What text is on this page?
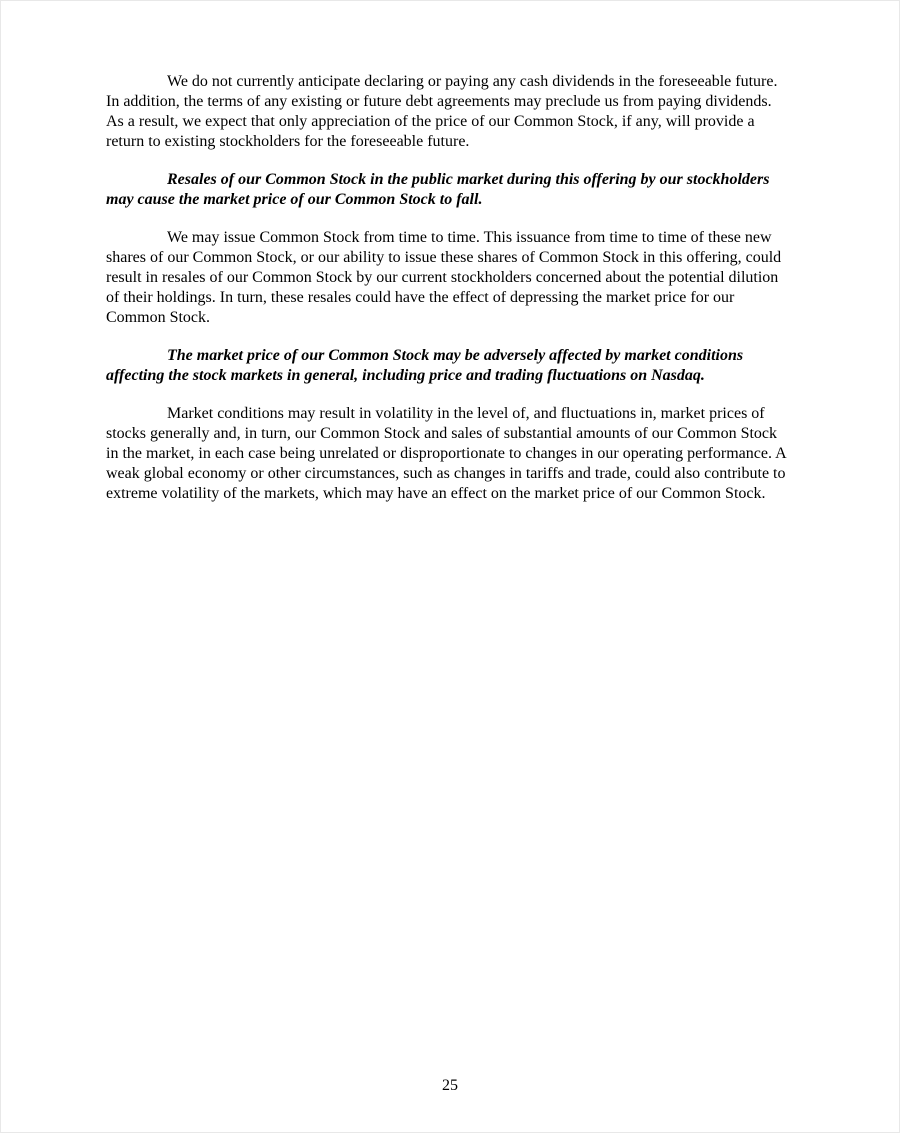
We do not currently anticipate declaring or paying any cash dividends in the foreseeable future. In addition, the terms of any existing or future debt agreements may preclude us from paying dividends. As a result, we expect that only appreciation of the price of our Common Stock, if any, will provide a return to existing stockholders for the foreseeable future.

Resales of our Common Stock in the public market during this offering by our stockholders may cause the market price of our Common Stock to fall.

We may issue Common Stock from time to time. This issuance from time to time of these new shares of our Common Stock, or our ability to issue these shares of Common Stock in this offering, could result in resales of our Common Stock by our current stockholders concerned about the potential dilution of their holdings. In turn, these resales could have the effect of depressing the market price for our Common Stock.

The market price of our Common Stock may be adversely affected by market conditions affecting the stock markets in general, including price and trading fluctuations on Nasdaq.

Market conditions may result in volatility in the level of, and fluctuations in, market prices of stocks generally and, in turn, our Common Stock and sales of substantial amounts of our Common Stock in the market, in each case being unrelated or disproportionate to changes in our operating performance. A weak global economy or other circumstances, such as changes in tariffs and trade, could also contribute to extreme volatility of the markets, which may have an effect on the market price of our Common Stock.

25
